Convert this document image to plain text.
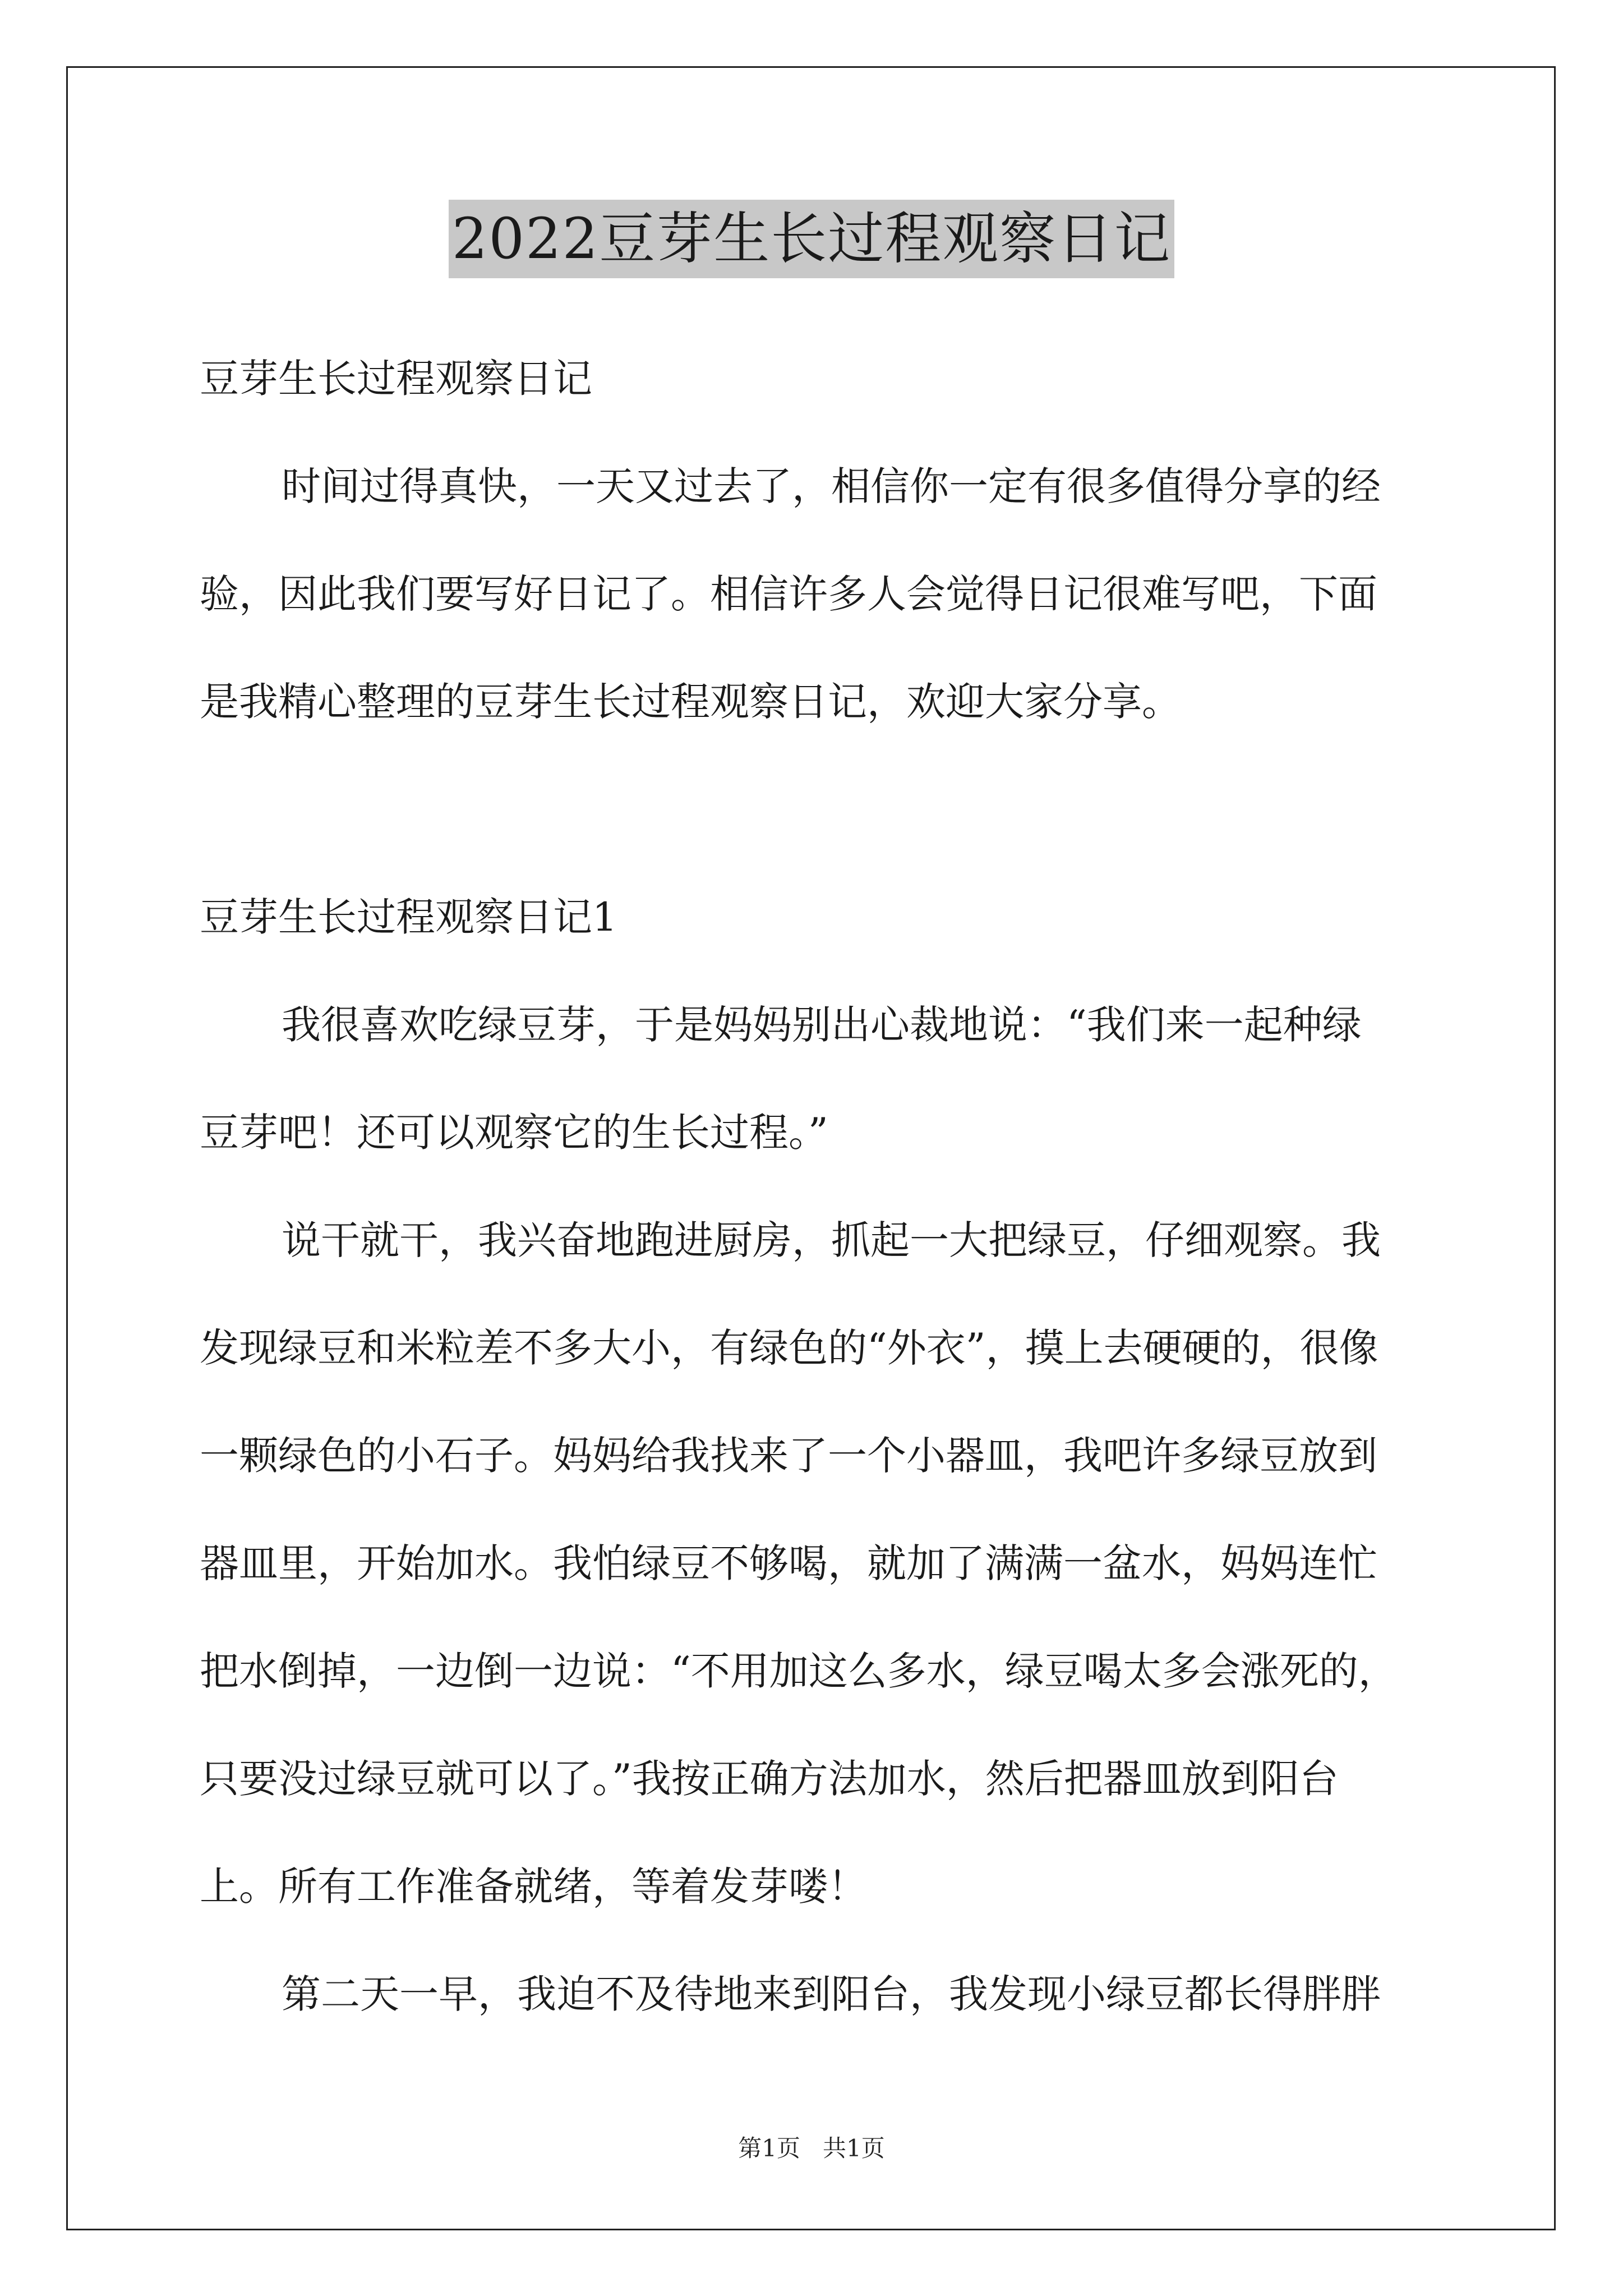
2022豆芽生长过程观察日记
豆芽生长过程观察日记
时间过得真快，一天又过去了，相信你一定有很多值得分享的经
验，因此我们要写好日记了。相信许多人会觉得日记很难写吧，下面
是我精心整理的豆芽生长过程观察日记，欢迎大家分享。
豆芽生长过程观察日记1
我很喜欢吃绿豆芽，于是妈妈别出心裁地说：“我们来一起种绿
豆芽吧！还可以观察它的生长过程。”
说干就干，我兴奋地跑进厨房，抓起一大把绿豆，仔细观察。我
发现绿豆和米粒差不多大小，有绿色的“外衣”，摸上去硬硬的，很像
一颗绿色的小石子。妈妈给我找来了一个小器皿，我吧许多绿豆放到
器皿里，开始加水。我怕绿豆不够喝，就加了满满一盆水，妈妈连忙
把水倒掉，一边倒一边说：“不用加这么多水，绿豆喝太多会涨死的，
只要没过绿豆就可以了。”我按正确方法加水，然后把器皿放到阳台
上。所有工作准备就绪，等着发芽喽！
第二天一早，我迫不及待地来到阳台，我发现小绿豆都长得胖胖
第1页   共1页
